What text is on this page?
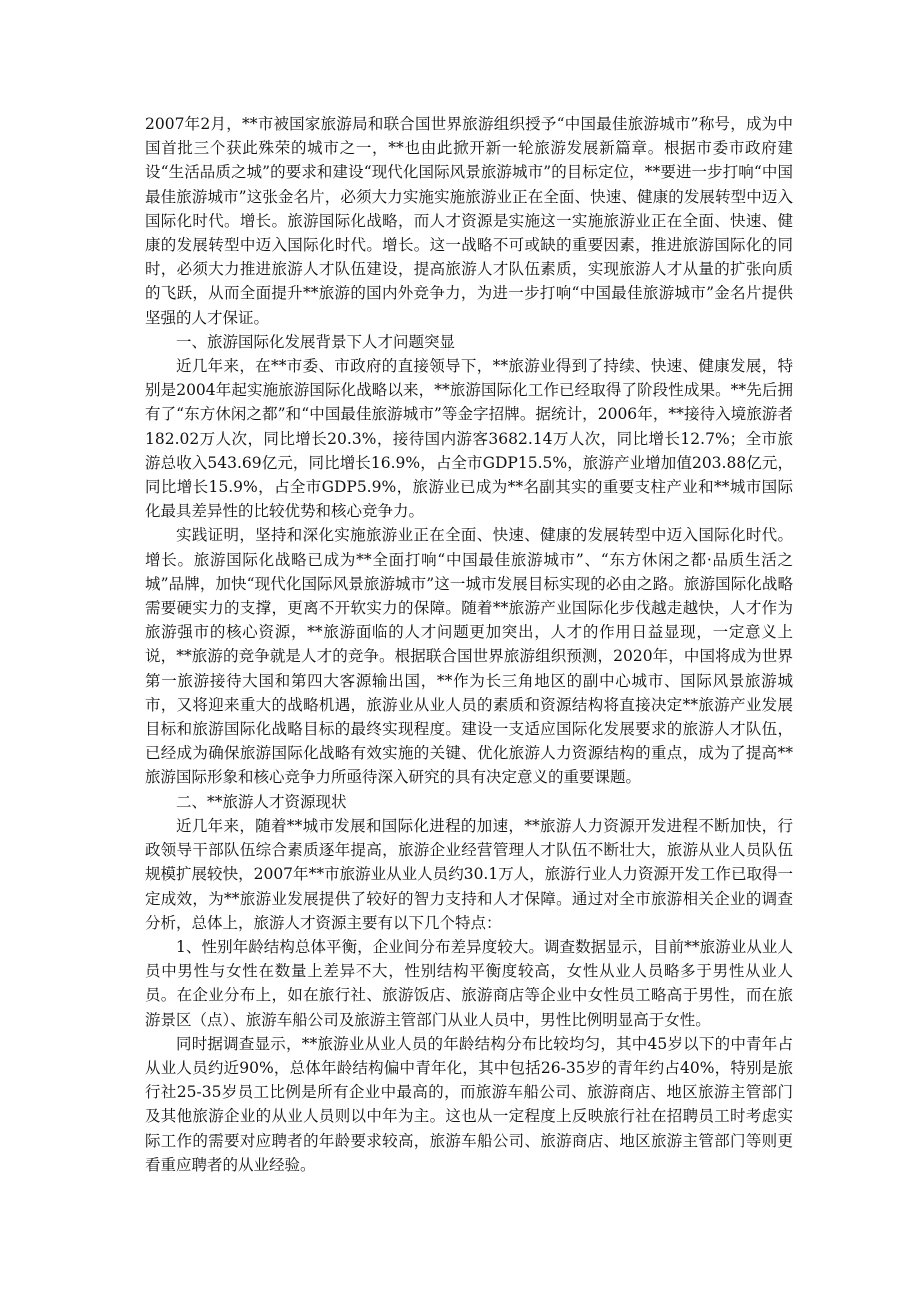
2007年2月，**市被国家旅游局和联合国世界旅游组织授予“中国最佳旅游城市”称号，成为中国首批三个获此殊荣的城市之一，**也由此掀开新一轮旅游发展新篇章。根据市委市政府建设“生活品质之城”的要求和建设“现代化国际风景旅游城市”的目标定位，**要进一步打响“中国最佳旅游城市”这张金名片，必须大力实施实施旅游业正在全面、快速、健康的发展转型中迈入国际化时代。增长。旅游国际化战略，而人才资源是实施这一实施旅游业正在全面、快速、健康的发展转型中迈入国际化时代。增长。这一战略不可或缺的重要因素，推进旅游国际化的同时，必须大力推进旅游人才队伍建设，提高旅游人才队伍素质，实现旅游人才从量的扩张向质的飞跃，从而全面提升**旅游的国内外竞争力，为进一步打响“中国最佳旅游城市”金名片提供坚强的人才保证。

一、旅游国际化发展背景下人才问题突显

近几年来，在**市委、市政府的直接领导下，**旅游业得到了持续、快速、健康发展，特别是2004年起实施旅游国际化战略以来，**旅游国际化工作已经取得了阶段性成果。**先后拥有了“东方休闲之都”和“中国最佳旅游城市”等金字招牌。据统计，2006年，**接待入境旅游者182.02万人次，同比增长20.3%，接待国内游客3682.14万人次，同比增长12.7%；全市旅游总收入543.69亿元，同比增长16.9%，占全市GDP15.5%，旅游产业增加值203.88亿元，同比增长15.9%，占全市GDP5.9%，旅游业已成为**名副其实的重要支柱产业和**城市国际化最具差异性的比较优势和核心竞争力。

实践证明，坚持和深化实施旅游业正在全面、快速、健康的发展转型中迈入国际化时代。增长。旅游国际化战略已成为**全面打响“中国最佳旅游城市”、“东方休闲之都·品质生活之城”品牌，加快“现代化国际风景旅游城市”这一城市发展目标实现的必由之路。旅游国际化战略需要硬实力的支撑，更离不开软实力的保障。随着**旅游产业国际化步伐越走越快，人才作为旅游强市的核心资源，**旅游面临的人才问题更加突出，人才的作用日益显现，一定意义上说，**旅游的竞争就是人才的竞争。根据联合国世界旅游组织预测，2020年，中国将成为世界第一旅游接待大国和第四大客源输出国，**作为长三角地区的副中心城市、国际风景旅游城市，又将迎来重大的战略机遇，旅游业从业人员的素质和资源结构将直接决定**旅游产业发展目标和旅游国际化战略目标的最终实现程度。建设一支适应国际化发展要求的旅游人才队伍，已经成为确保旅游国际化战略有效实施的关键、优化旅游人力资源结构的重点，成为了提高**旅游国际形象和核心竞争力所亟待深入研究的具有决定意义的重要课题。

二、**旅游人才资源现状

近几年来，随着**城市发展和国际化进程的加速，**旅游人力资源开发进程不断加快，行政领导干部队伍综合素质逐年提高，旅游企业经营管理人才队伍不断壮大，旅游从业人员队伍规模扩展较快，2007年**市旅游业从业人员约30.1万人，旅游行业人力资源开发工作已取得一定成效，为**旅游业发展提供了较好的智力支持和人才保障。通过对全市旅游相关企业的调查分析，总体上，旅游人才资源主要有以下几个特点：

1、性别年龄结构总体平衡，企业间分布差异度较大。调查数据显示，目前**旅游业从业人员中男性与女性在数量上差异不大，性别结构平衡度较高，女性从业人员略多于男性从业人员。在企业分布上，如在旅行社、旅游饭店、旅游商店等企业中女性员工略高于男性，而在旅游景区（点）、旅游车船公司及旅游主管部门从业人员中，男性比例明显高于女性。

同时据调查显示，**旅游业从业人员的年龄结构分布比较均匀，其中45岁以下的中青年占从业人员约近90%，总体年龄结构偏中青年化，其中包括26-35岁的青年约占40%，特别是旅行社25-35岁员工比例是所有企业中最高的，而旅游车船公司、旅游商店、地区旅游主管部门及其他旅游企业的从业人员则以中年为主。这也从一定程度上反映旅行社在招聘员工时考虑实际工作的需要对应聘者的年龄要求较高，旅游车船公司、旅游商店、地区旅游主管部门等则更看重应聘者的从业经验。
